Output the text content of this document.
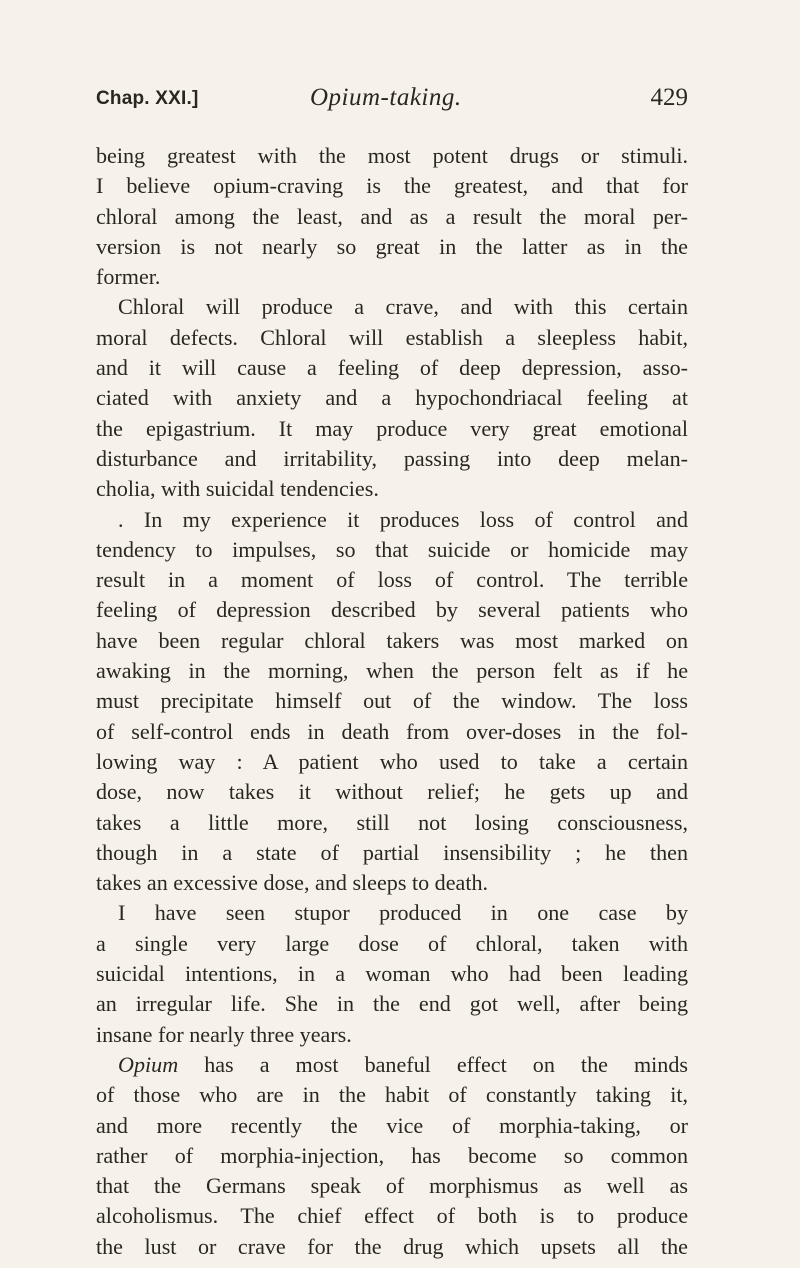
Chap. XXI.]	Opium-taking.	429
being greatest with the most potent drugs or stimuli.
I believe opium-craving is the greatest, and that for
chloral among the least, and as a result the moral per-
version is not nearly so great in the latter as in the
former.
Chloral will produce a crave, and with this certain
moral defects. Chloral will establish a sleepless habit,
and it will cause a feeling of deep depression, asso-
ciated with anxiety and a hypochondriacal feeling at
the epigastrium. It may produce very great emotional
disturbance and irritability, passing into deep melan-
cholia, with suicidal tendencies.
. In my experience it produces loss of control and
tendency to impulses, so that suicide or homicide may
result in a moment of loss of control. The terrible
feeling of depression described by several patients who
have been regular chloral takers was most marked on
awaking in the morning, when the person felt as if he
must precipitate himself out of the window. The loss
of self-control ends in death from over-doses in the fol-
lowing way : A patient who used to take a certain
dose, now takes it without relief; he gets up and
takes a little more, still not losing consciousness,
though in a state of partial insensibility ; he then
takes an excessive dose, and sleeps to death.
I have seen stupor produced in one case by
a single very large dose of chloral, taken with
suicidal intentions, in a woman who had been leading
an irregular life. She in the end got well, after being
insane for nearly three years.
Opium has a most baneful effect on the minds
of those who are in the habit of constantly taking it,
and more recently the vice of morphia-taking, or
rather of morphia-injection, has become so common
that the Germans speak of morphismus as well as
alcoholismus. The chief effect of both is to produce
the lust or crave for the drug which upsets all the
